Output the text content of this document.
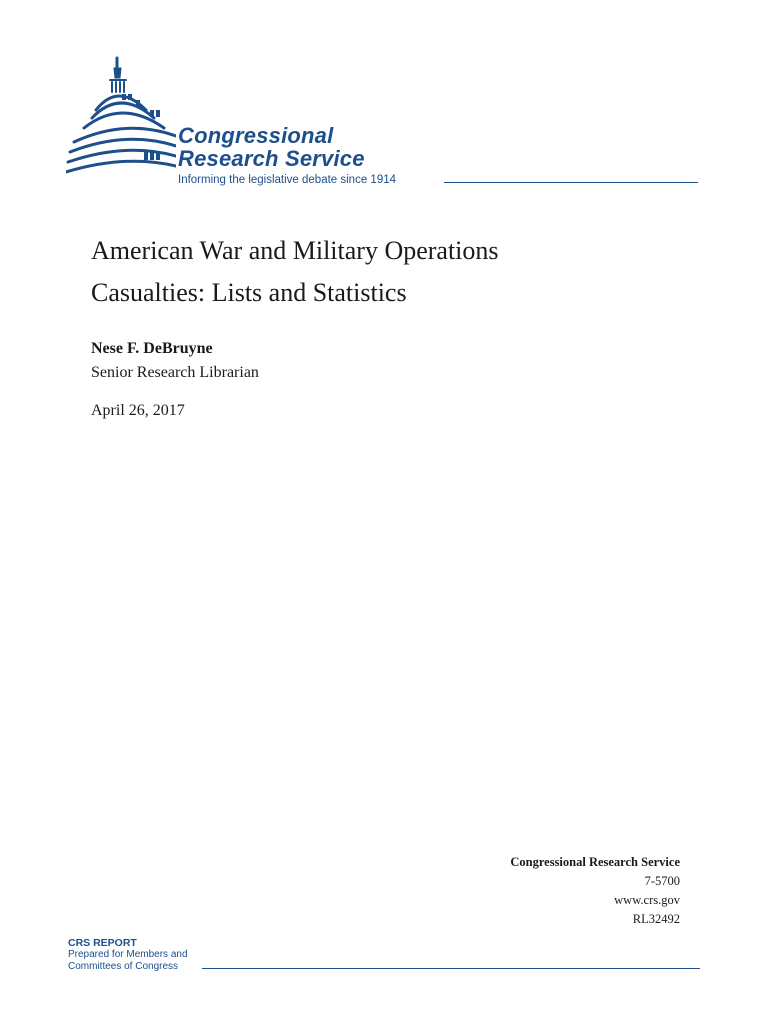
Congressional
Research Service
Informing the legislative debate since 1914
American War and Military Operations
Casualties: Lists and Statistics
Nese F. DeBruyne
Senior Research Librarian
April 26, 2017
Congressional Research Service
7-5700
www.crs.gov
RL32492
CRS REPORT
Prepared for Members and
Committees of Congress
